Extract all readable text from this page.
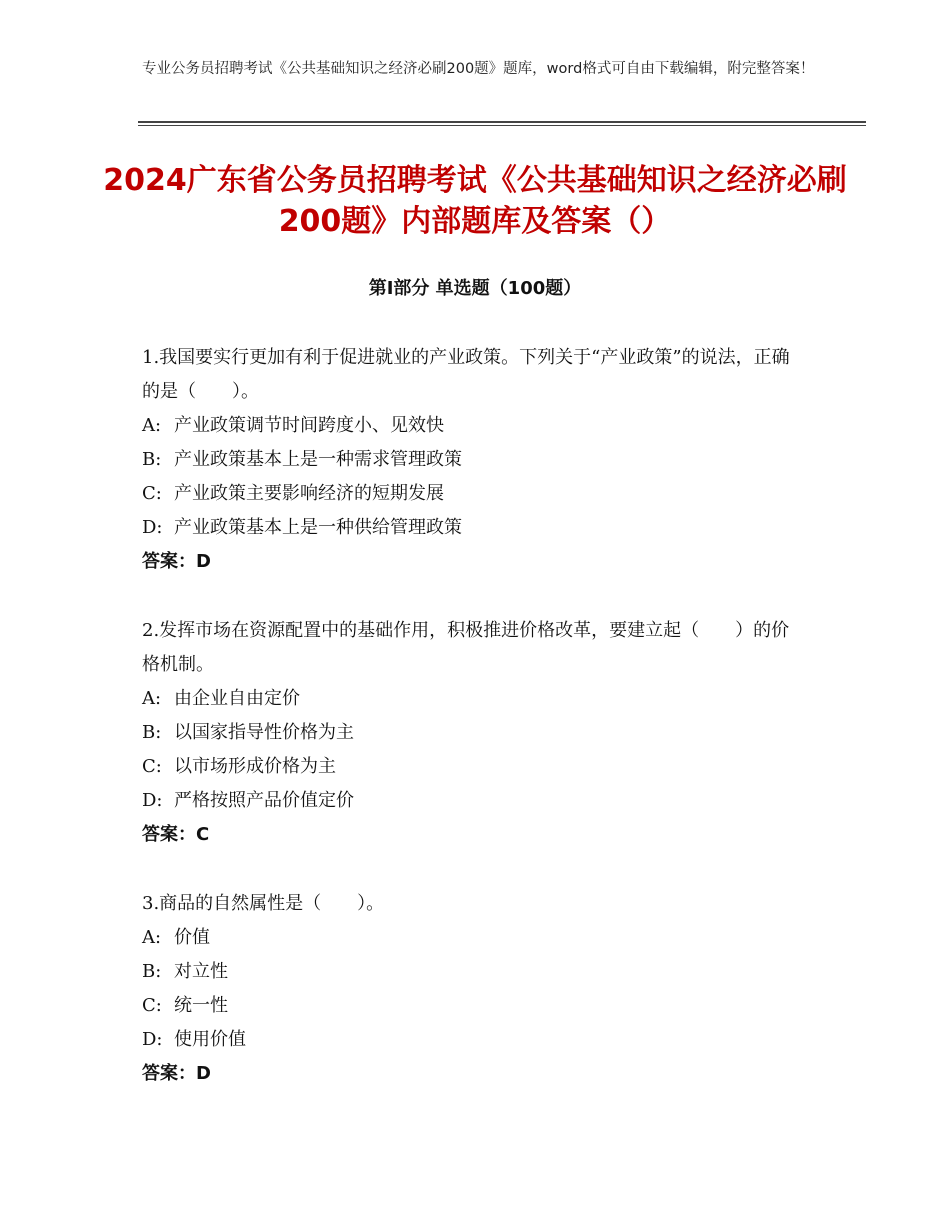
专业公务员招聘考试《公共基础知识之经济必刷200题》题库，word格式可自由下载编辑，附完整答案！
2024广东省公务员招聘考试《公共基础知识之经济必刷200题》内部题库及答案（）
第Ⅰ部分 单选题（100题）
1.我国要实行更加有利于促进就业的产业政策。下列关于“产业政策”的说法，正确的是（　　）。
A: 产业政策调节时间跨度小、见效快
B: 产业政策基本上是一种需求管理政策
C: 产业政策主要影响经济的短期发展
D: 产业政策基本上是一种供给管理政策
答案：D
2.发挥市场在资源配置中的基础作用，积极推进价格改革，要建立起（　　）的价格机制。
A: 由企业自由定价
B: 以国家指导性价格为主
C: 以市场形成价格为主
D: 严格按照产品价值定价
答案：C
3.商品的自然属性是（　　）。
A: 价值
B: 对立性
C: 统一性
D: 使用价值
答案：D
